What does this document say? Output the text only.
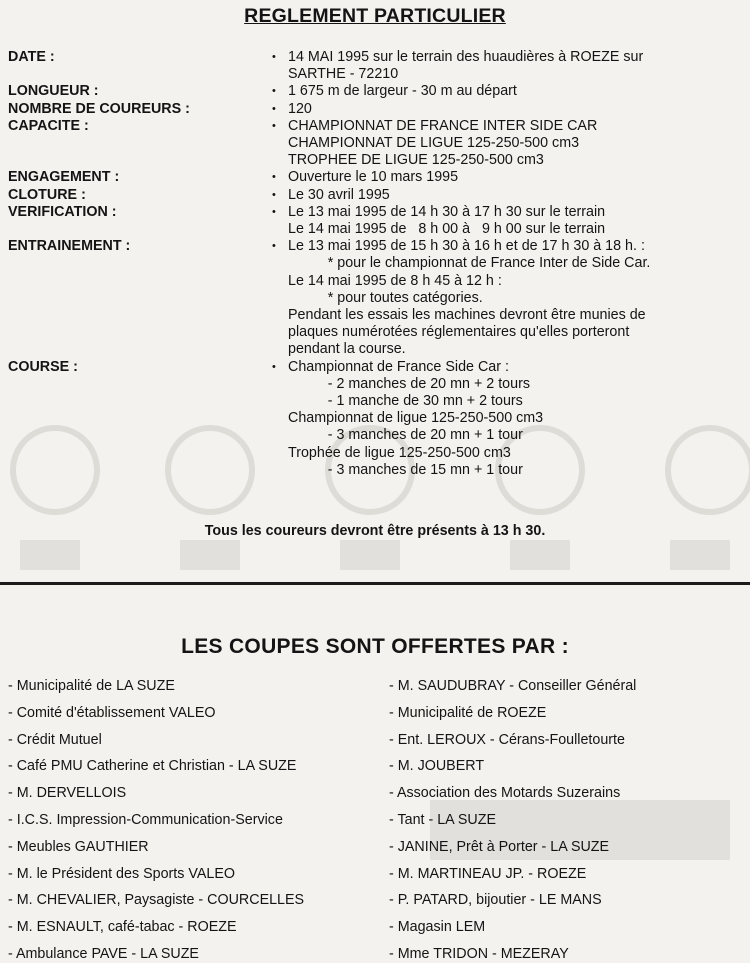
REGLEMENT PARTICULIER
DATE :	• 14 MAI 1995 sur le terrain des huaudières à ROEZE sur
SARTHE - 72210
LONGUEUR :	• 1 675 m de largeur - 30 m au départ
NOMBRE DE COUREURS :	• 120
CAPACITE :	• CHAMPIONNAT DE FRANCE INTER SIDE CAR
CHAMPIONNAT DE LIGUE 125-250-500 cm3
TROPHEE DE LIGUE 125-250-500 cm3
ENGAGEMENT :	• Ouverture le 10 mars 1995
CLOTURE :	• Le 30 avril 1995
VERIFICATION :	• Le 13 mai 1995 de 14 h 30 à 17 h 30 sur le terrain
Le 14 mai 1995 de   8 h 00 à   9 h 00 sur le terrain
ENTRAINEMENT :	• Le 13 mai 1995 de 15 h 30 à 16 h et de 17 h 30 à 18 h. :
* pour le championnat de France Inter de Side Car.
Le 14 mai 1995 de 8 h 45 à 12 h :
* pour toutes catégories.
Pendant les essais les machines devront être munies de
plaques numérotées réglementaires qu'elles porteront
pendant la course.
COURSE :	• Championnat de France Side Car :
- 2 manches de 20 mn + 2 tours
- 1 manche de 30 mn + 2 tours
Championnat de ligue 125-250-500 cm3
- 3 manches de 20 mn + 1 tour
Trophée de ligue 125-250-500 cm3
- 3 manches de 15 mn + 1 tour
Tous les coureurs devront être présents à 13 h 30.
LES COUPES SONT OFFERTES PAR :
- Municipalité de LA SUZE
- Comité d'établissement VALEO
- Crédit Mutuel
- Café PMU Catherine et Christian - LA SUZE
- M. DERVELLOIS
- I.C.S. Impression-Communication-Service
- Meubles GAUTHIER
- M. le Président des Sports VALEO
- M. CHEVALIER, Paysagiste - COURCELLES
- M. ESNAULT, café-tabac - ROEZE
- Ambulance PAVE - LA SUZE
- M. SAUDUBRAY - Conseiller Général
- Municipalité de ROEZE
- Ent. LEROUX - Cérans-Foulletourte
- M. JOUBERT
- Association des Motards Suzerains
- Tant - LA SUZE
- JANINE, Prêt à Porter - LA SUZE
- M. MARTINEAU JP. - ROEZE
- P. PATARD, bijoutier - LE MANS
- Magasin LEM
- Mme TRIDON - MEZERAY
